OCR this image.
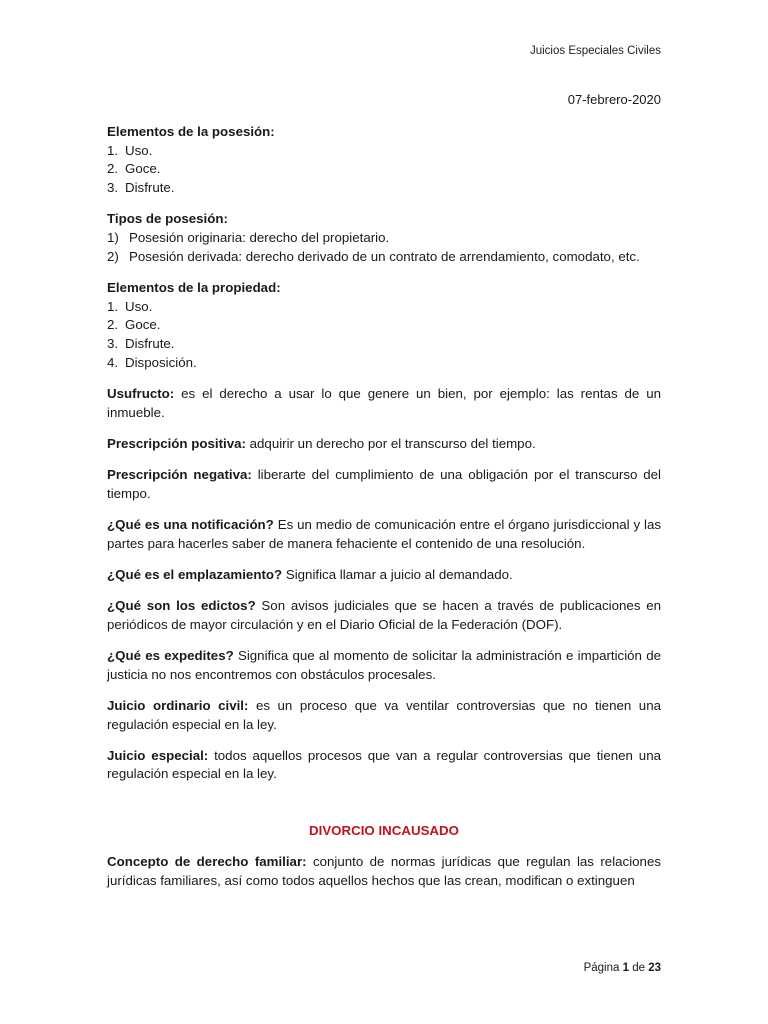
Juicios Especiales Civiles
07-febrero-2020
Elementos de la posesión:
1. Uso.
2. Goce.
3. Disfrute.
Tipos de posesión:
1) Posesión originaria: derecho del propietario.
2) Posesión derivada: derecho derivado de un contrato de arrendamiento, comodato, etc.
Elementos de la propiedad:
1. Uso.
2. Goce.
3. Disfrute.
4. Disposición.

Usufructo: es el derecho a usar lo que genere un bien, por ejemplo: las rentas de un inmueble.

Prescripción positiva: adquirir un derecho por el transcurso del tiempo.

Prescripción negativa: liberarte del cumplimiento de una obligación por el transcurso del tiempo.

¿Qué es una notificación? Es un medio de comunicación entre el órgano jurisdiccional y las partes para hacerles saber de manera fehaciente el contenido de una resolución.

¿Qué es el emplazamiento? Significa llamar a juicio al demandado.

¿Qué son los edictos? Son avisos judiciales que se hacen a través de publicaciones en periódicos de mayor circulación y en el Diario Oficial de la Federación (DOF).

¿Qué es expedites? Significa que al momento de solicitar la administración e impartición de justicia no nos encontremos con obstáculos procesales.

Juicio ordinario civil: es un proceso que va ventilar controversias que no tienen una regulación especial en la ley.

Juicio especial: todos aquellos procesos que van a regular controversias que tienen una regulación especial en la ley.

DIVORCIO INCAUSADO

Concepto de derecho familiar: conjunto de normas jurídicas que regulan las relaciones jurídicas familiares, así como todos aquellos hechos que las crean, modifican o extinguen

Página 1 de 23
